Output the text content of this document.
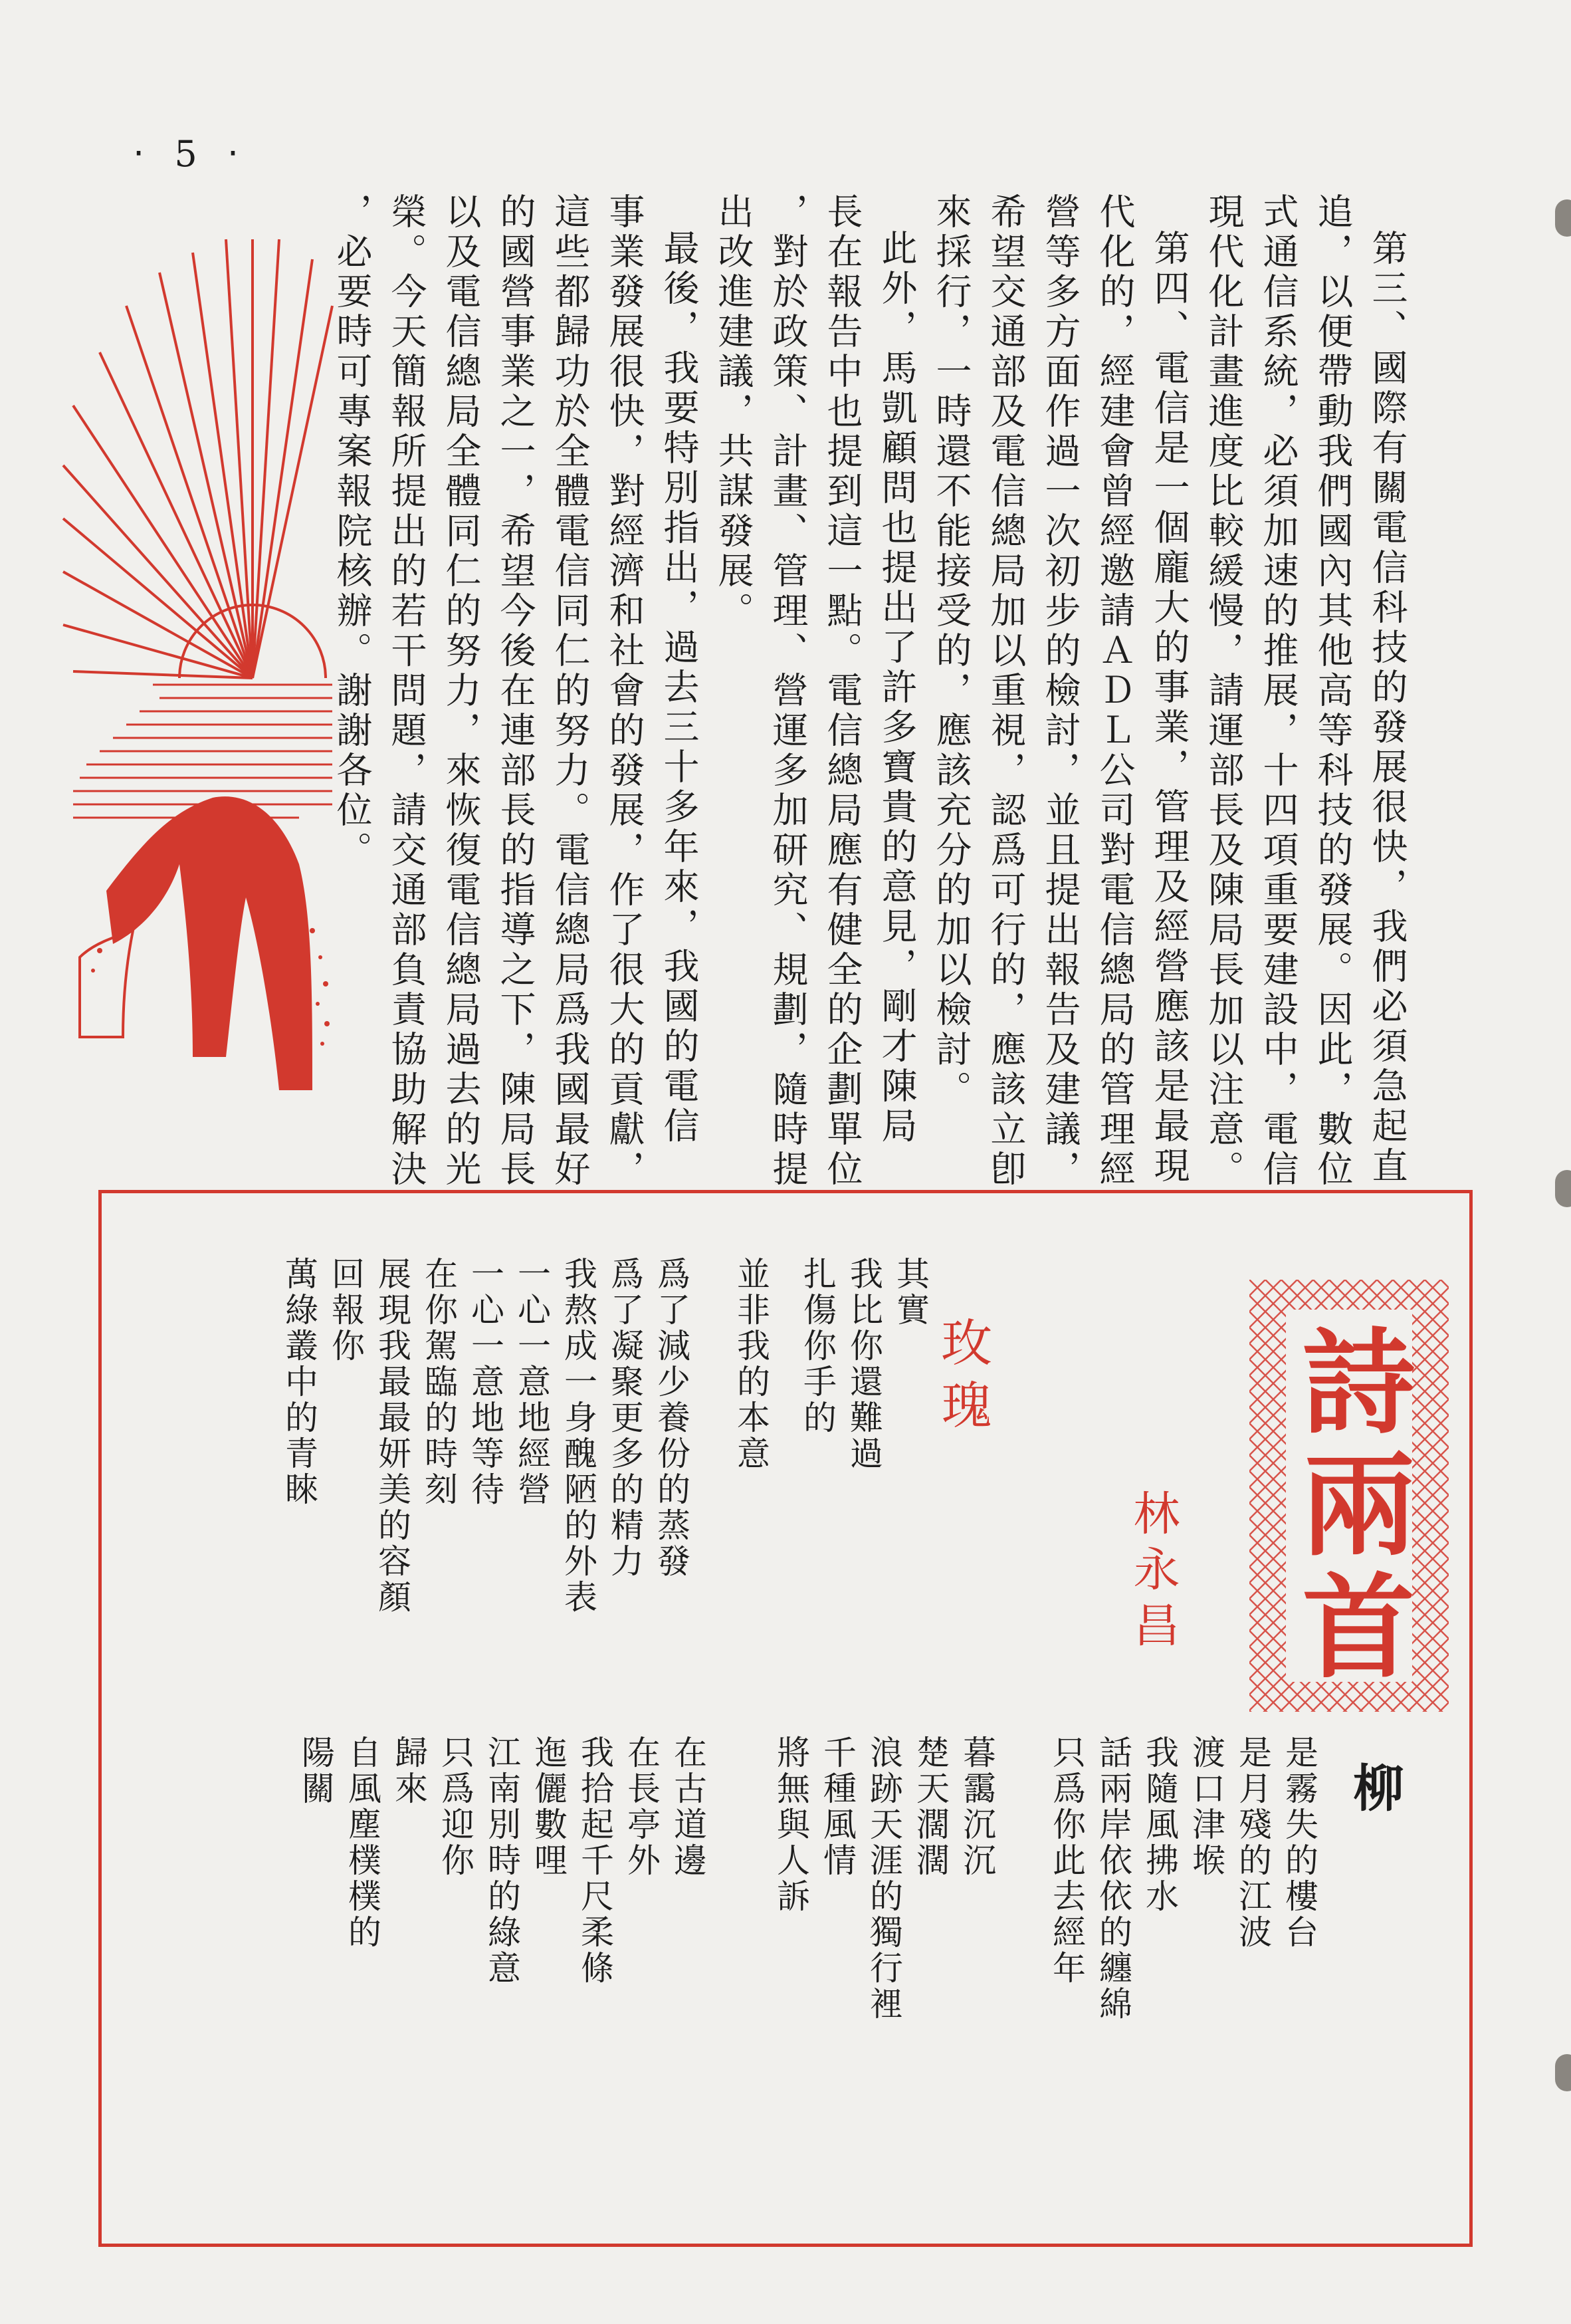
‧ 5 ‧
第三、國際有關電信科技的發展很快，我們必須急起直
追，以便帶動我們國內其他高等科技的發展。因此，數位
式通信系統，必須加速的推展，十四項重要建設中，電信
現代化計畫進度比較緩慢，請運部長及陳局長加以注意。
第四、電信是一個龐大的事業，管理及經營應該是最現
代化的，經建會曾經邀請ＡＤＬ公司對電信總局的管理經
營等多方面作過一次初步的檢討，並且提出報告及建議，
希望交通部及電信總局加以重視，認爲可行的，應該立卽
來採行，一時還不能接受的，應該充分的加以檢討。
此外，馬凱顧問也提出了許多寶貴的意見，剛才陳局
長在報告中也提到這一點。電信總局應有健全的企劃單位
，對於政策、計畫、管理、營運多加研究、規劃，隨時提
出改進建議，共謀發展。
最後，我要特別指出，過去三十多年來，我國的電信
事業發展很快，對經濟和社會的發展，作了很大的貢獻，
這些都歸功於全體電信同仁的努力。電信總局爲我國最好
的國營事業之一，希望今後在連部長的指導之下，陳局長
以及電信總局全體同仁的努力，來恢復電信總局過去的光
榮。今天簡報所提出的若干問題，請交通部負責協助解決
，必要時可專案報院核辦。謝謝各位。
詩兩首
林永昌
柳
是霧失的樓台
是月殘的江波
渡口津堠
我隨風拂水
話兩岸依依的纏綿
只爲你此去經年
暮靄沉沉
楚天濶濶
浪跡天涯的獨行裡
千種風情
將無與人訴
在古道邊
在長亭外
我拾起千尺柔條
迤儷數哩
江南別時的綠意
只爲迎你
歸來
自風塵樸樸的
陽關
玫瑰
其實
我比你還難過
扎傷你手的
並非我的本意
爲了減少養份的蒸發
爲了凝聚更多的精力
我熬成一身醜陋的外表
一心一意地經營
一心一意地等待
在你駕臨的時刻
展現我最最妍美的容顏
回報你
萬綠叢中的青睞
